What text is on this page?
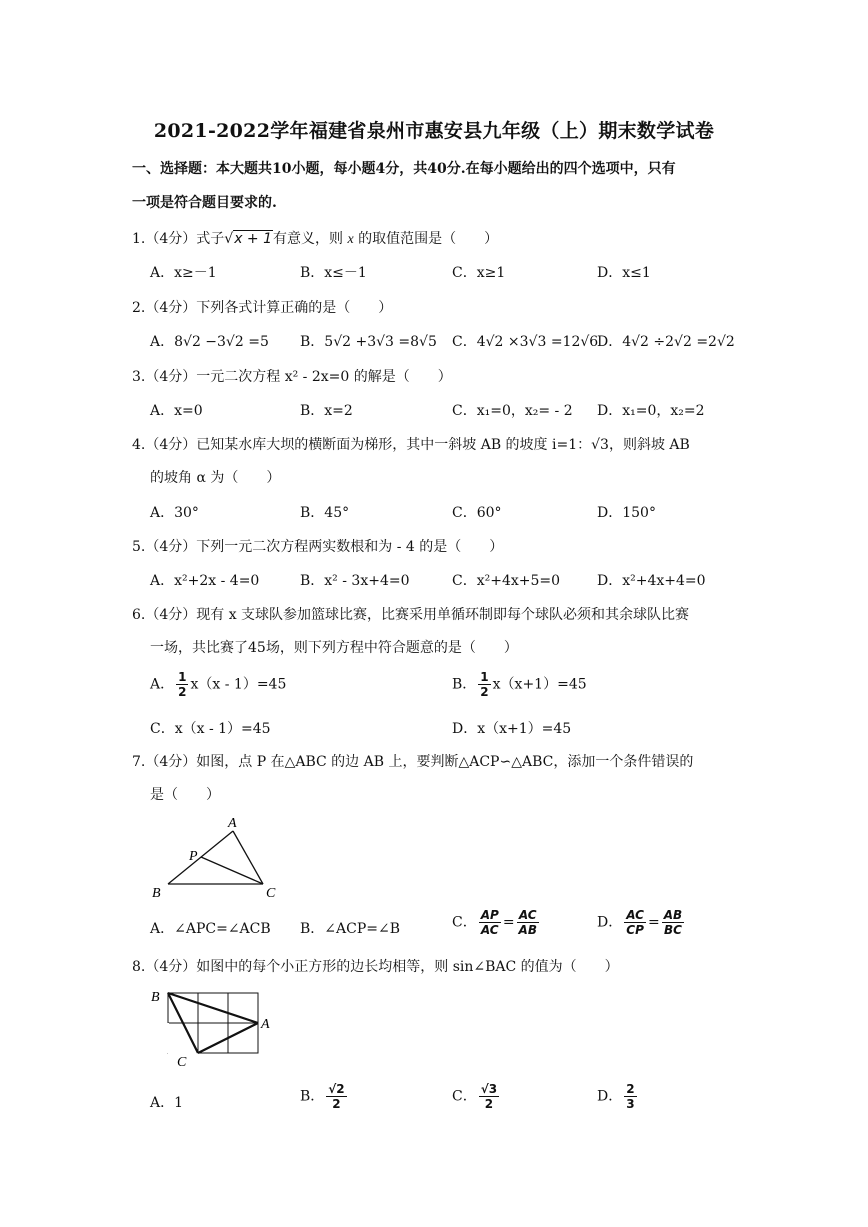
2021-2022学年福建省泉州市惠安县九年级（上）期末数学试卷
一、选择题：本大题共10小题，每小题4分，共40分.在每小题给出的四个选项中，只有
一项是符合题目要求的.
1.（4分）式子√x + 1有意义，则 x 的取值范围是（　　）
A．x≥－1	B．x≤－1	C．x≥1	D．x≤1
2.（4分）下列各式计算正确的是（　　）
A．8√2 −3√2 =5 B．5√2 +3√3 =8√5 C．4√2 ×3√3 =12√6
D．4√2 ÷2√2 =2√2
3.（4分）一元二次方程 x² - 2x=0 的解是（　　）
A．x=0	B．x=2	C．x₁=0，x₂= - 2 D．x₁=0，x₂=2
4.（4分）已知某水库大坝的横断面为梯形，其中一斜坡 AB 的坡度 i=1：√3，则斜坡 AB
的坡角 α 为（　　）
A．30°	B．45°	C．60°	D．150°
5.（4分）下列一元二次方程两实数根和为 - 4 的是（　　）
A．x²+2x - 4=0	B．x² - 3x+4=0	C．x²+4x+5=0	D．x²+4x+4=0
6.（4分）现有 x 支球队参加篮球比赛，比赛采用单循环制即每个球队必须和其余球队比赛
一场，共比赛了45场，则下列方程中符合题意的是（　　）
A． $\frac{1}{2} x(x - 1)=45$	B． $\frac{1}{2} x(x+1)=45$
C．x（x - 1）=45	D．x（x+1）=45
7.（4分）如图，点 P 在△ABC 的边 AB 上，要判断△ACP∽△ABC，添加一个条件错误的
是（　　）
A
P
B	C
A．∠APC=∠ACB B．∠ACP=∠B	C． $\frac{AP}{AC} = \frac{AC}{AB}$	D． $\frac{AC}{CP} = \frac{AB}{BC}$
8.（4分）如图中的每个小正方形的边长均相等，则 sin∠BAC 的值为（　　）
B
A
C
A．1	B． $\frac{√2}{2}$	C． $\frac{√3}{2}$	D． $\frac{2}{3}$
